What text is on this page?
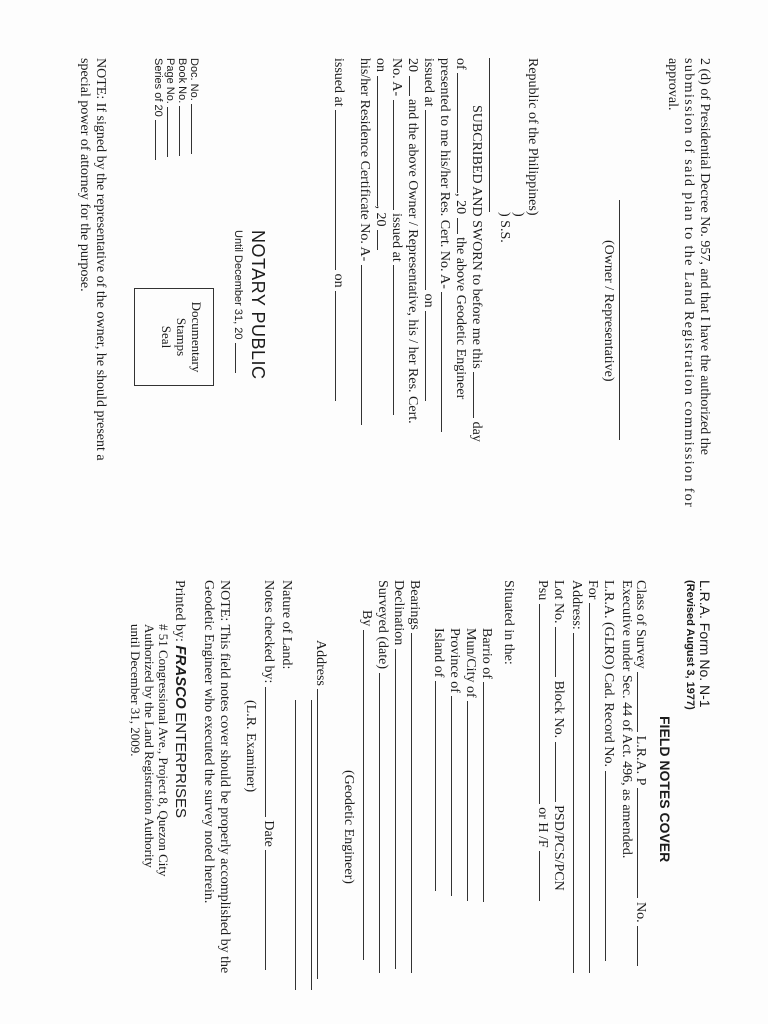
2 (d) of Presidential Decree No. 957, and that I have the authorized the
submission of said plan to the Land Registration commission for
approval.
(Owner / Representative)
Republic of the Philippines)
)
) S.S.
SUBCRIBED AND SWORN to before me this  day
of , 20  the above Geodetic Engineer
presented to me his/her Res. Cert. No. A-
issued at  on
20  and the above Owner / Representative, his / her Res. Cert.
No. A-  issued at
on , 20
his/her Residence Certificate No. A-
issued at  on
NOTARY PUBLIC
Until December 31, 20
Documentary
Stamps
Seal
Doc. No.
Book No.
Page No.
Series of 20
NOTE: If signed by the representative of the owner, he should present a
special power of attorney for the purpose.
L.R.A. Form No. N-1
(Revised August 3, 1977)
FIELD NOTES COVER
Class of Survey  L.R.A. P  No.
Executive under Sec. 44 of Act. 496, as amended.
L.R.A. (GLRO) Cad. Record No.
For
Address:
Lot No.  Block No.  PSD/PCS/PCN
Psu  or H /F
Situated in the:
Barrio of
Mun/City of
Province of
Island of
Bearings
Declination
Surveyed (date)
By
(Geodetic Engineer)
Address
Nature of Land:
Notes checked by:  Date
(L.R. Examiner)
NOTE: This field notes cover should be properly accomplished by the
Geodetic Engineer who executed the survey noted herein.
Printed by: FRASCO ENTERPRISES
# 51 Congressional Ave., Project 8, Quezon City
Authorized by the Land Registration Authority
until December 31, 2009.
